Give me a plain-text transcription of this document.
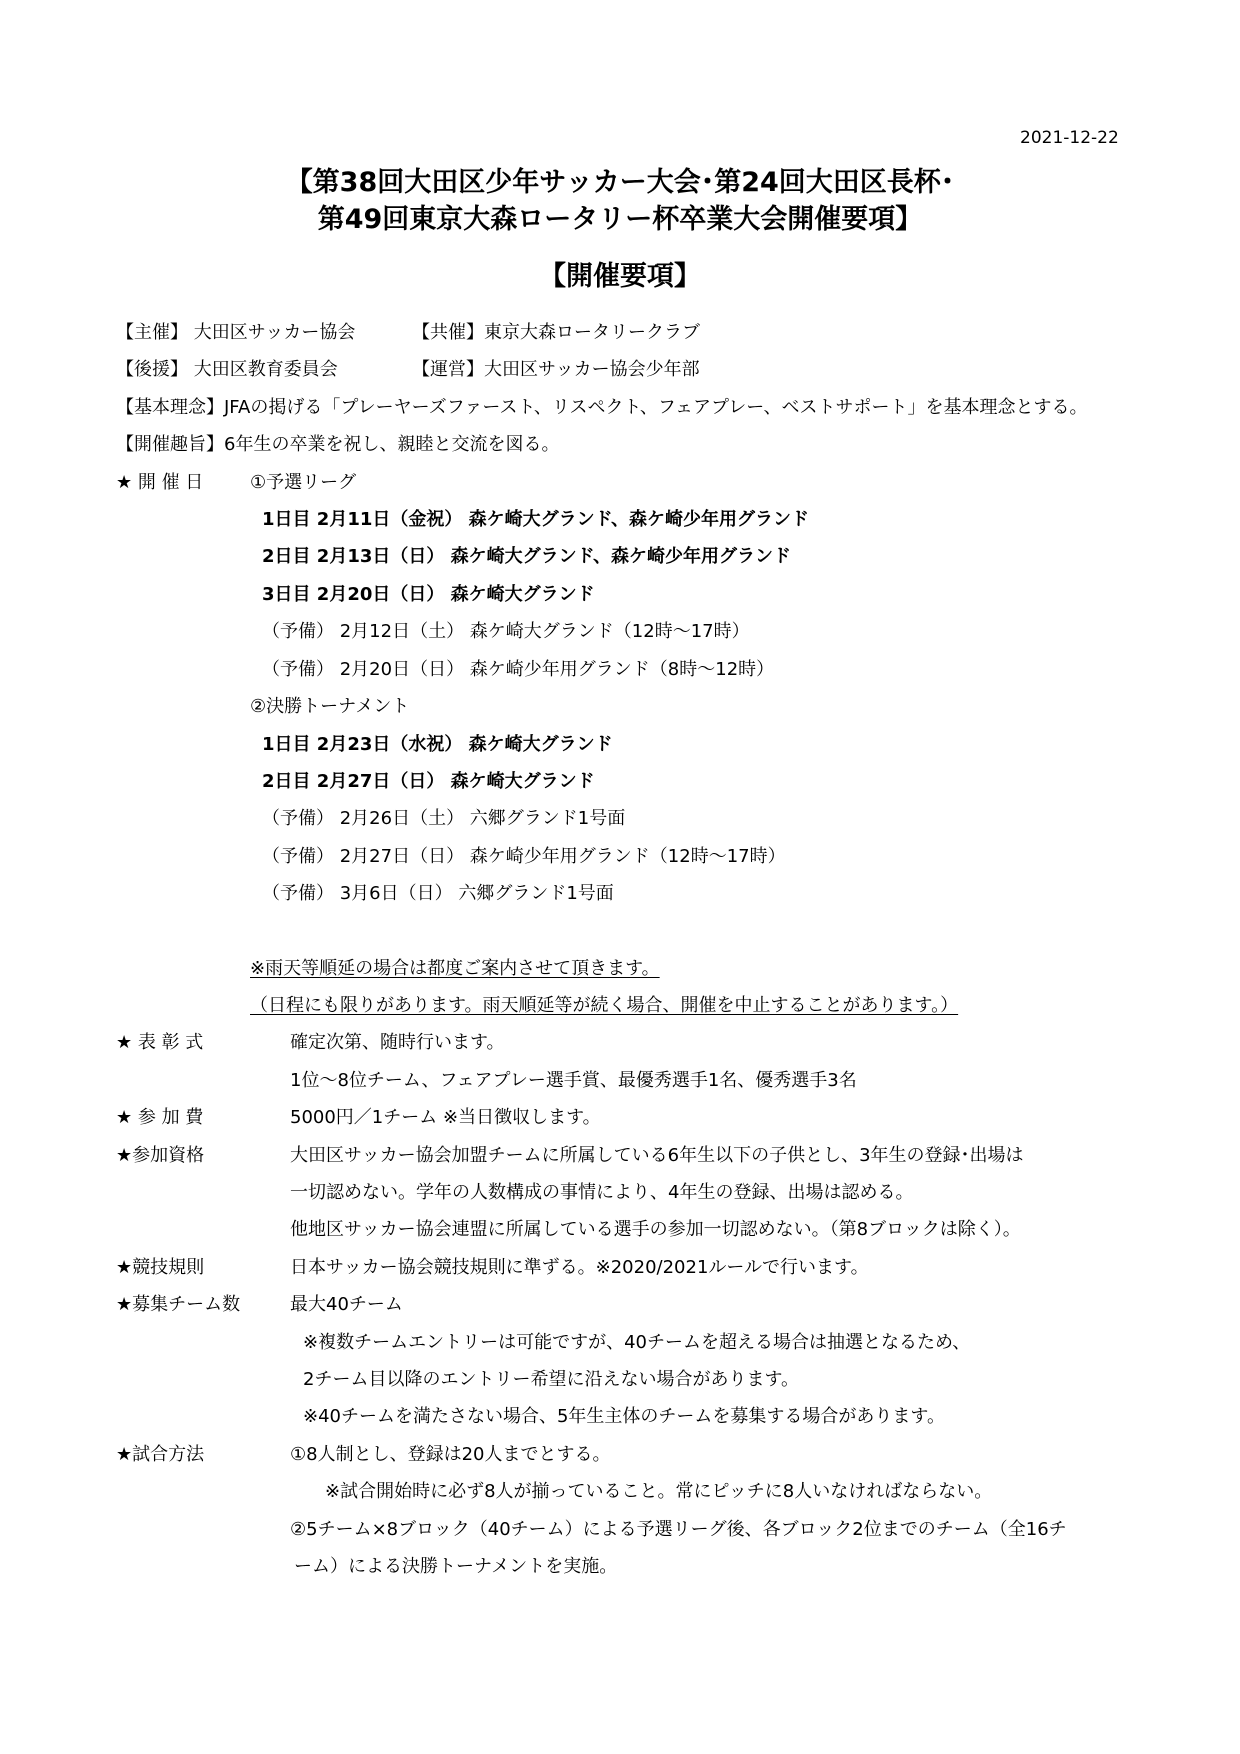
2021-12-22
【第38回大田区少年サッカー大会･第24回大田区長杯･
第49回東京大森ロータリー杯卒業大会開催要項】
【開催要項】
【主催】 大田区サッカー協会	【共催】東京大森ロータリークラブ
【後援】 大田区教育委員会	【運営】大田区サッカー協会少年部
【基本理念】JFAの掲げる「プレーヤーズファースト、リスペクト、フェアプレー、ベストサポート」を基本理念とする。
【開催趣旨】6年生の卒業を祝し、親睦と交流を図る。
★ 開 催 日	①予選リーグ
1日目 2月11日（金祝） 森ケ崎大グランド、森ケ崎少年用グランド
2日目 2月13日（日） 森ケ崎大グランド、森ケ崎少年用グランド
3日目 2月20日（日） 森ケ崎大グランド
（予備） 2月12日（土） 森ケ崎大グランド（12時～17時）
（予備） 2月20日（日） 森ケ崎少年用グランド（8時～12時）
②決勝トーナメント
1日目 2月23日（水祝） 森ケ崎大グランド
2日目 2月27日（日） 森ケ崎大グランド
（予備） 2月26日（土） 六郷グランド1号面
（予備） 2月27日（日） 森ケ崎少年用グランド（12時～17時）
（予備） 3月6日（日） 六郷グランド1号面
※雨天等順延の場合は都度ご案内させて頂きます。
（日程にも限りがあります。雨天順延等が続く場合、開催を中止することがあります。）
★ 表 彰 式	確定次第、随時行います。
1位～8位チーム、フェアプレー選手賞、最優秀選手1名、優秀選手3名
★ 参 加 費	5000円／1チーム ※当日徴収します。
★参加資格	大田区サッカー協会加盟チームに所属している6年生以下の子供とし、3年生の登録･出場は
一切認めない。学年の人数構成の事情により、4年生の登録、出場は認める。
他地区サッカー協会連盟に所属している選手の参加一切認めない。（第8ブロックは除く）。
★競技規則	日本サッカー協会競技規則に準ずる。※2020/2021ルールで行います。
★募集チーム数	最大40チーム
※複数チームエントリーは可能ですが、40チームを超える場合は抽選となるため、
2チーム目以降のエントリー希望に沿えない場合があります。
※40チームを満たさない場合、5年生主体のチームを募集する場合があります。
★試合方法	①8人制とし、登録は20人までとする。
※試合開始時に必ず8人が揃っていること。常にピッチに8人いなければならない。
②5チーム×8ブロック（40チーム）による予選リーグ後、各ブロック2位までのチーム（全16チ
ーム）による決勝トーナメントを実施。
